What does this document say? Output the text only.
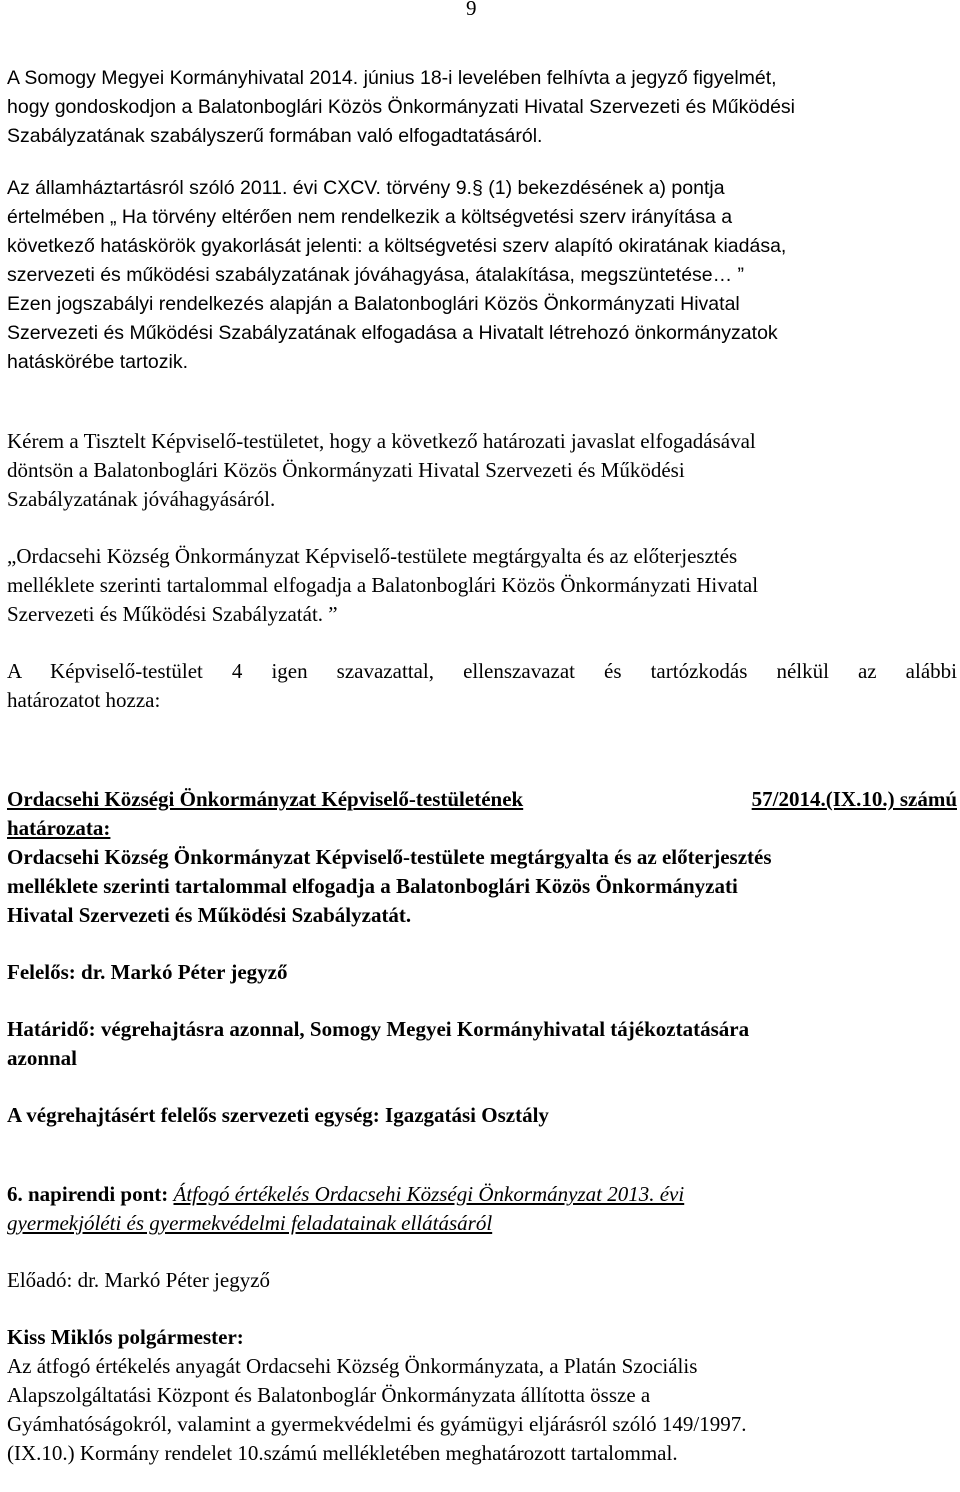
9

A Somogy Megyei Kormányhivatal 2014. június 18-i levelében felhívta a jegyző figyelmét,
hogy gondoskodjon a Balatonboglári Közös Önkormányzati Hivatal Szervezeti és Működési
Szabályzatának szabályszerű formában való elfogadtatásáról.

Az államháztartásról szóló 2011. évi CXCV. törvény 9.§ (1) bekezdésének a) pontja
értelmében „ Ha törvény eltérően nem rendelkezik a költségvetési szerv irányítása a
következő hatáskörök gyakorlását jelenti: a költségvetési szerv alapító okiratának kiadása,
szervezeti és működési szabályzatának jóváhagyása, átalakítása, megszüntetése… ”
Ezen jogszabályi rendelkezés alapján a Balatonboglári Közös Önkormányzati Hivatal
Szervezeti és Működési Szabályzatának elfogadása a Hivatalt létrehozó önkormányzatok
hatáskörébe tartozik.

Kérem a Tisztelt Képviselő-testületet, hogy a következő határozati javaslat elfogadásával
döntsön a Balatonboglári Közös Önkormányzati Hivatal Szervezeti és Működési
Szabályzatának jóváhagyásáról.

„Ordacsehi Község Önkormányzat Képviselő-testülete megtárgyalta és az előterjesztés
melléklete szerinti tartalommal elfogadja a Balatonboglári Közös Önkormányzati Hivatal
Szervezeti és Működési Szabályzatát. ”

A Képviselő-testület 4 igen szavazattal, ellenszavazat és tartózkodás nélkül az alábbi
határozatot hozza:

Ordacsehi Községi Önkormányzat Képviselő-testületének	57/2014.(IX.10.) számú

határozata:

Ordacsehi Község Önkormányzat Képviselő-testülete megtárgyalta és az előterjesztés
melléklete szerinti tartalommal elfogadja a Balatonboglári Közös Önkormányzati
Hivatal Szervezeti és Működési Szabályzatát.

Felelős: dr. Markó Péter jegyző

Határidő: végrehajtásra azonnal, Somogy Megyei Kormányhivatal tájékoztatására
azonnal

A végrehajtásért felelős szervezeti egység: Igazgatási Osztály

6. napirendi pont: Átfogó értékelés Ordacsehi Községi Önkormányzat 2013. évi
gyermekjóléti és gyermekvédelmi feladatainak ellátásáról

Előadó: dr. Markó Péter jegyző

Kiss Miklós polgármester:

Az átfogó értékelés anyagát Ordacsehi Község Önkormányzata, a Platán Szociális
Alapszolgáltatási Központ és Balatonboglár Önkormányzata állította össze a
Gyámhatóságokról, valamint a gyermekvédelmi és gyámügyi eljárásról szóló 149/1997.
(IX.10.) Kormány rendelet 10.számú mellékletében meghatározott tartalommal.
